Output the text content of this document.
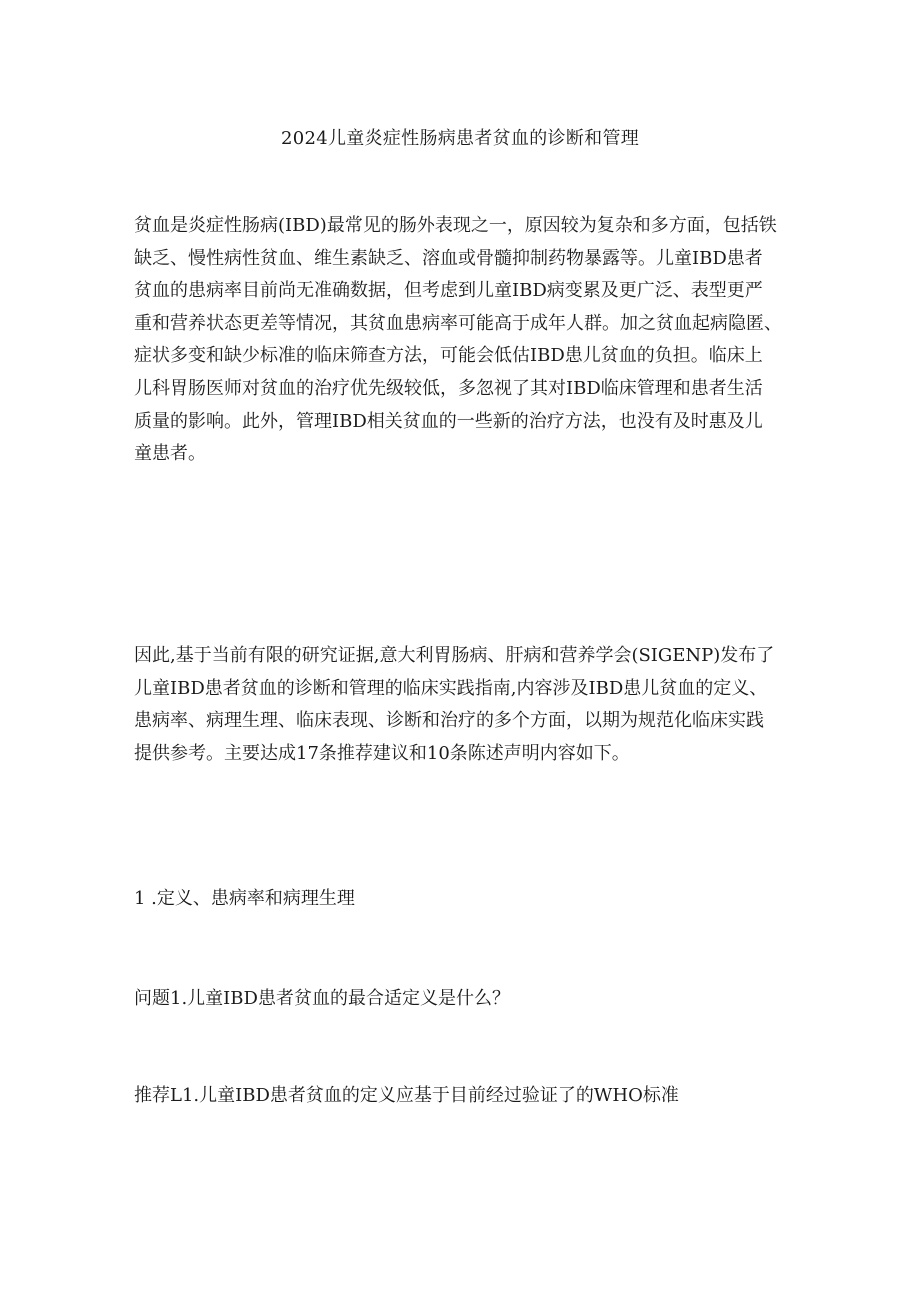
2024儿童炎症性肠病患者贫血的诊断和管理

贫血是炎症性肠病(IBD)最常见的肠外表现之一，原因较为复杂和多方面，包括铁
缺乏、慢性病性贫血、维生素缺乏、溶血或骨髓抑制药物暴露等。儿童IBD患者
贫血的患病率目前尚无准确数据，但考虑到儿童IBD病变累及更广泛、表型更严
重和营养状态更差等情况，其贫血患病率可能高于成年人群。加之贫血起病隐匿、
症状多变和缺少标准的临床筛查方法，可能会低估IBD患儿贫血的负担。临床上
儿科胃肠医师对贫血的治疗优先级较低，多忽视了其对IBD临床管理和患者生活
质量的影响。此外，管理IBD相关贫血的一些新的治疗方法，也没有及时惠及儿
童患者。

因此,基于当前有限的研究证据,意大利胃肠病、肝病和营养学会(SIGENP)发布了
儿童IBD患者贫血的诊断和管理的临床实践指南,内容涉及IBD患儿贫血的定义、
患病率、病理生理、临床表现、诊断和治疗的多个方面，以期为规范化临床实践
提供参考。主要达成17条推荐建议和10条陈述声明内容如下。

1 .定义、患病率和病理生理
问题1.儿童IBD患者贫血的最合适定义是什么？
推荐L1.儿童IBD患者贫血的定义应基于目前经过验证了的WHO标准
